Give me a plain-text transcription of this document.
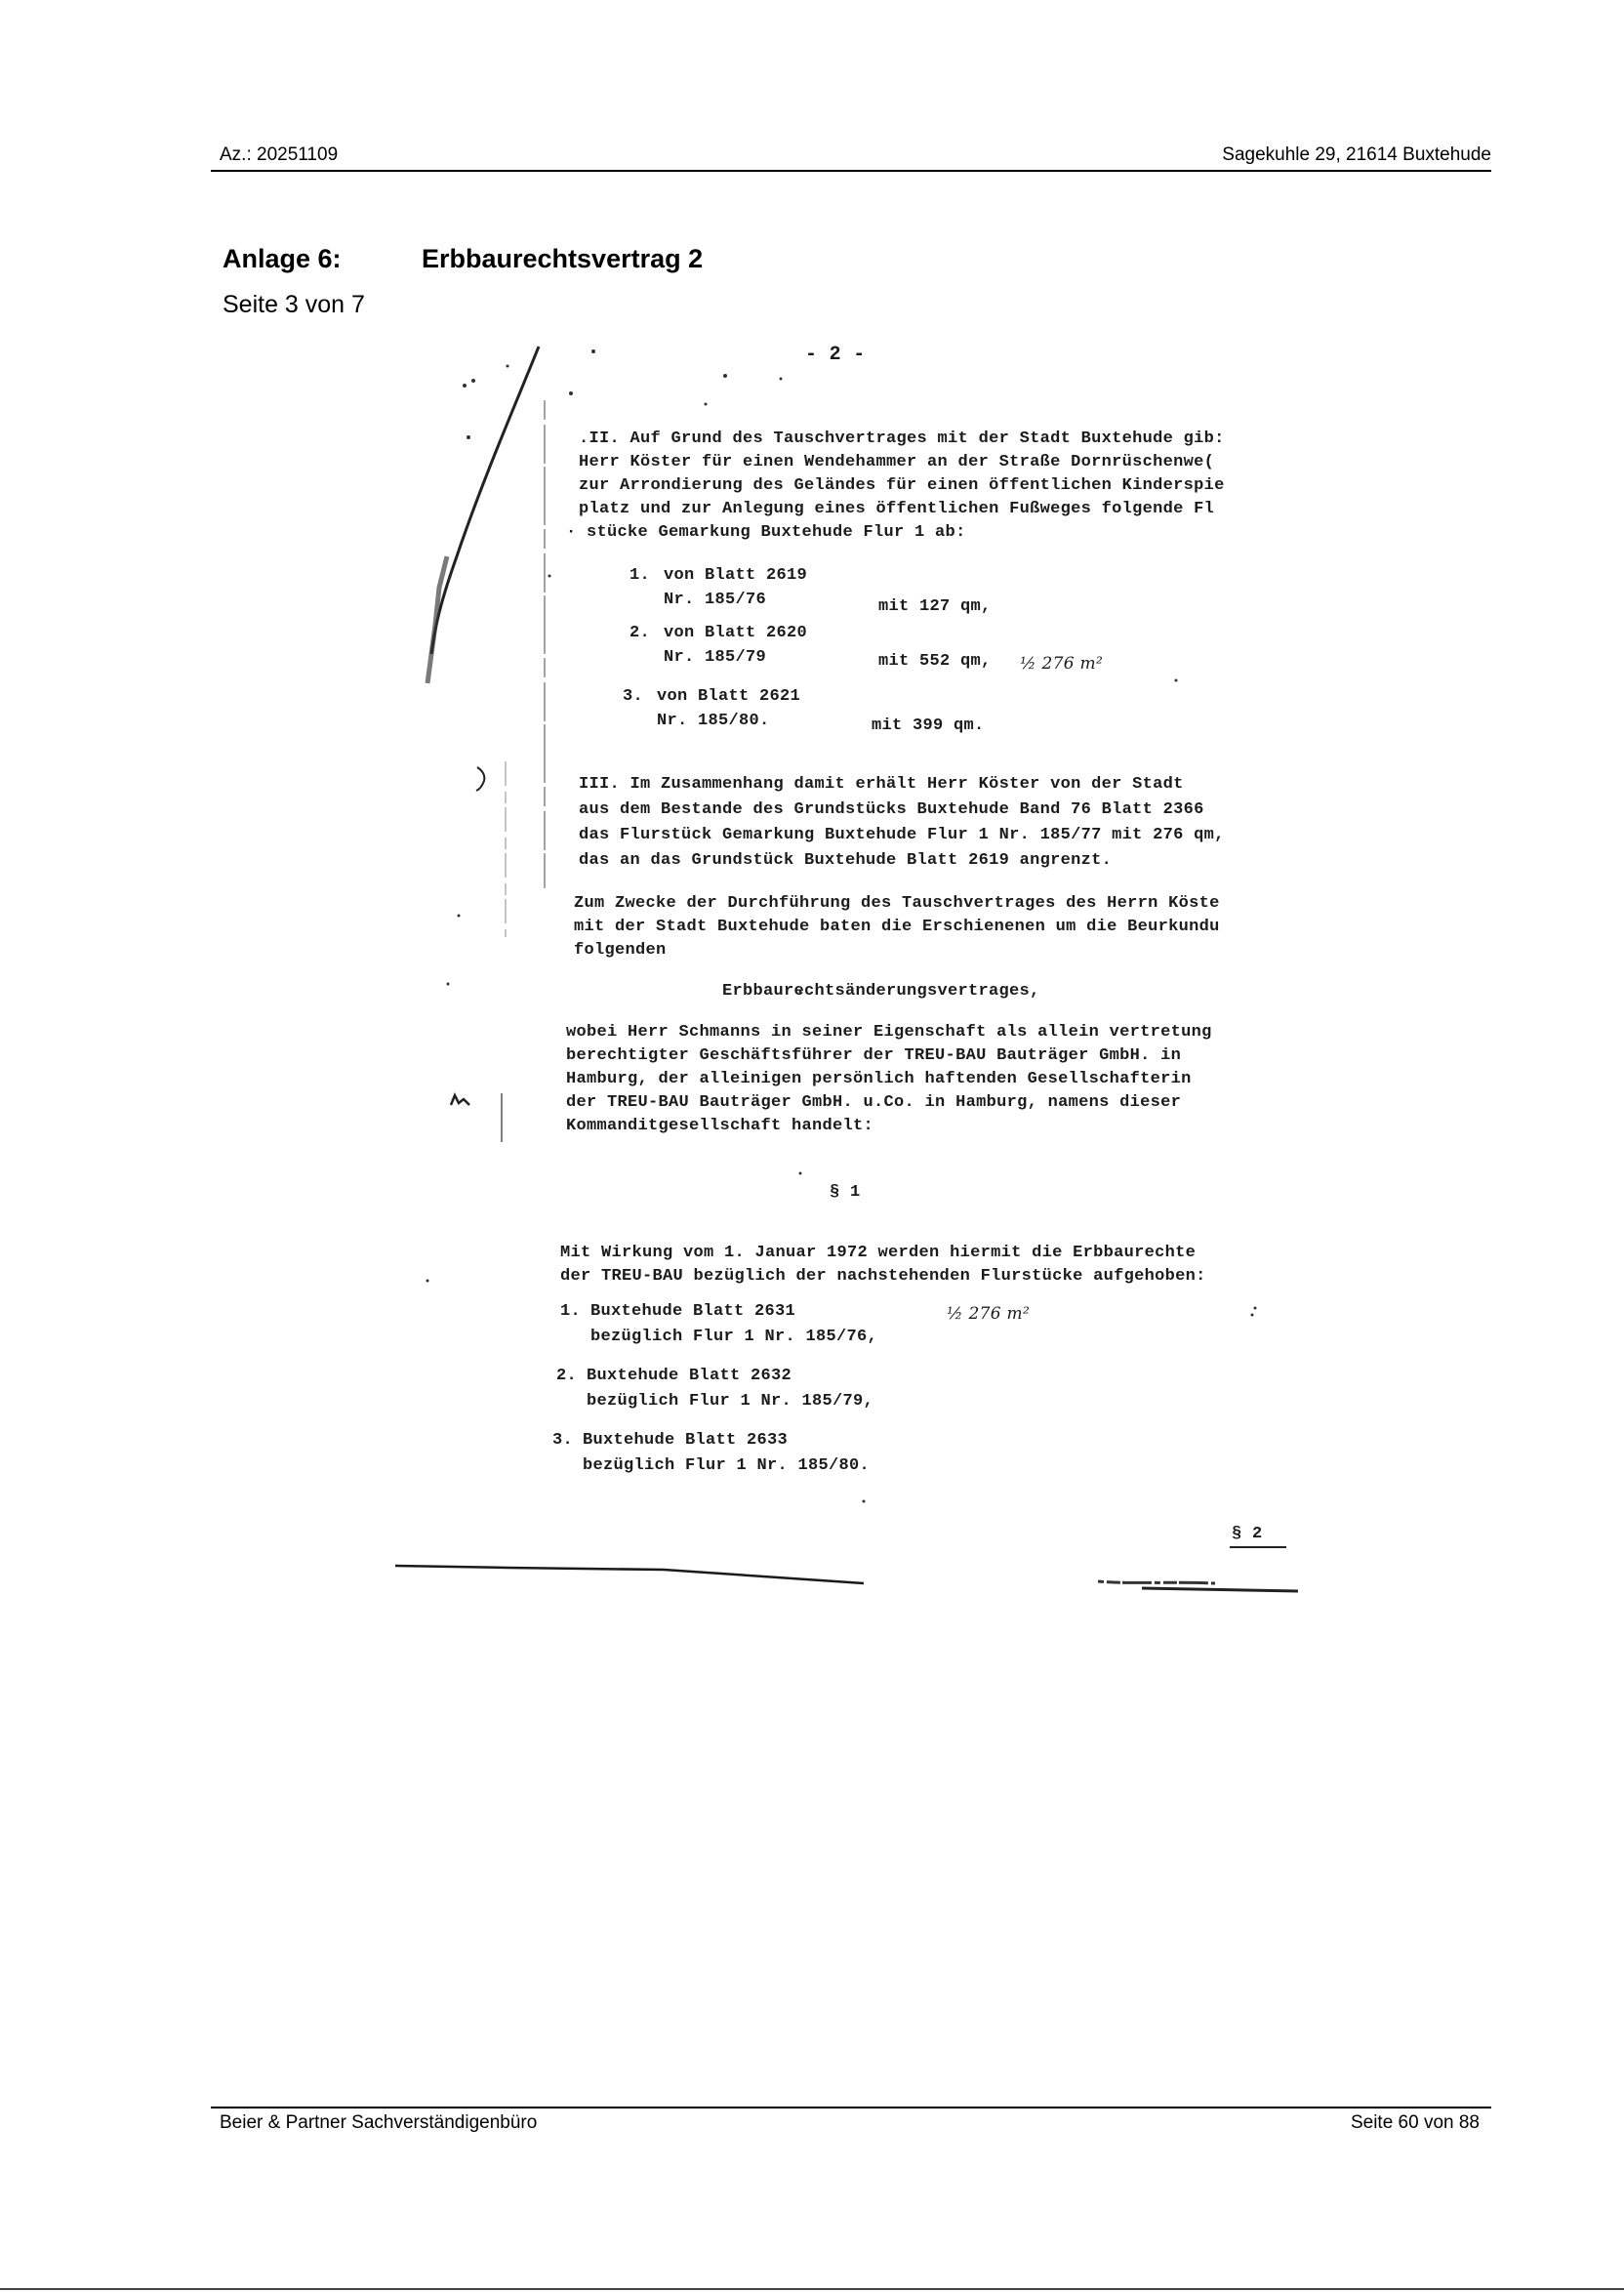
Az.: 20251109	Sagekuhle 29, 21614 Buxtehude
Anlage 6:	Erbbaurechtsvertrag 2
Seite 3 von 7
- 2 -
.II. Auf Grund des Tauschvertrages mit der Stadt Buxtehude gib:
Herr Köster für einen Wendehammer an der Straße Dornrüschenwe(
zur Arrondierung des Geländes für einen öffentlichen Kinderspie
platz und zur Anlegung eines öffentlichen Fußweges folgende Fl
· stücke Gemarkung Buxtehude Flur 1 ab:
1. von Blatt 2619
Nr. 185/76	mit 127 qm,
2. von Blatt 2620
Nr. 185/79	mit 552 qm, ½ 276 m²
3. von Blatt 2621
Nr. 185/80.	mit 399 qm.
III. Im Zusammenhang damit erhält Herr Köster von der Stadt
aus dem Bestande des Grundstücks Buxtehude Band 76 Blatt 2366
das Flurstück Gemarkung Buxtehude Flur 1 Nr. 185/77 mit 276 qm,
das an das Grundstück Buxtehude Blatt 2619 angrenzt.
Zum Zwecke der Durchführung des Tauschvertrages des Herrn Köste
mit der Stadt Buxtehude baten die Erschienenen um die Beurkundu
folgenden
Erbbaurechtsänderungsvertrages,
wobei Herr Schmanns in seiner Eigenschaft als allein vertretung
berechtigter Geschäftsführer der TREU-BAU Bauträger GmbH. in
Hamburg, der alleinigen persönlich haftenden Gesellschafterin
der TREU-BAU Bauträger GmbH. u.Co. in Hamburg, namens dieser
Kommanditgesellschaft handelt:
§ 1
Mit Wirkung vom 1. Januar 1972 werden hiermit die Erbbaurechte
der TREU-BAU bezüglich der nachstehenden Flurstücke aufgehoben:
1. Buxtehude Blatt 2631
bezüglich Flur 1 Nr. 185/76,
½ 276 m²
2. Buxtehude Blatt 2632
bezüglich Flur 1 Nr. 185/79,
3. Buxtehude Blatt 2633
bezüglich Flur 1 Nr. 185/80.
§ 2
Beier & Partner Sachverständigenbüro	Seite 60 von 88
